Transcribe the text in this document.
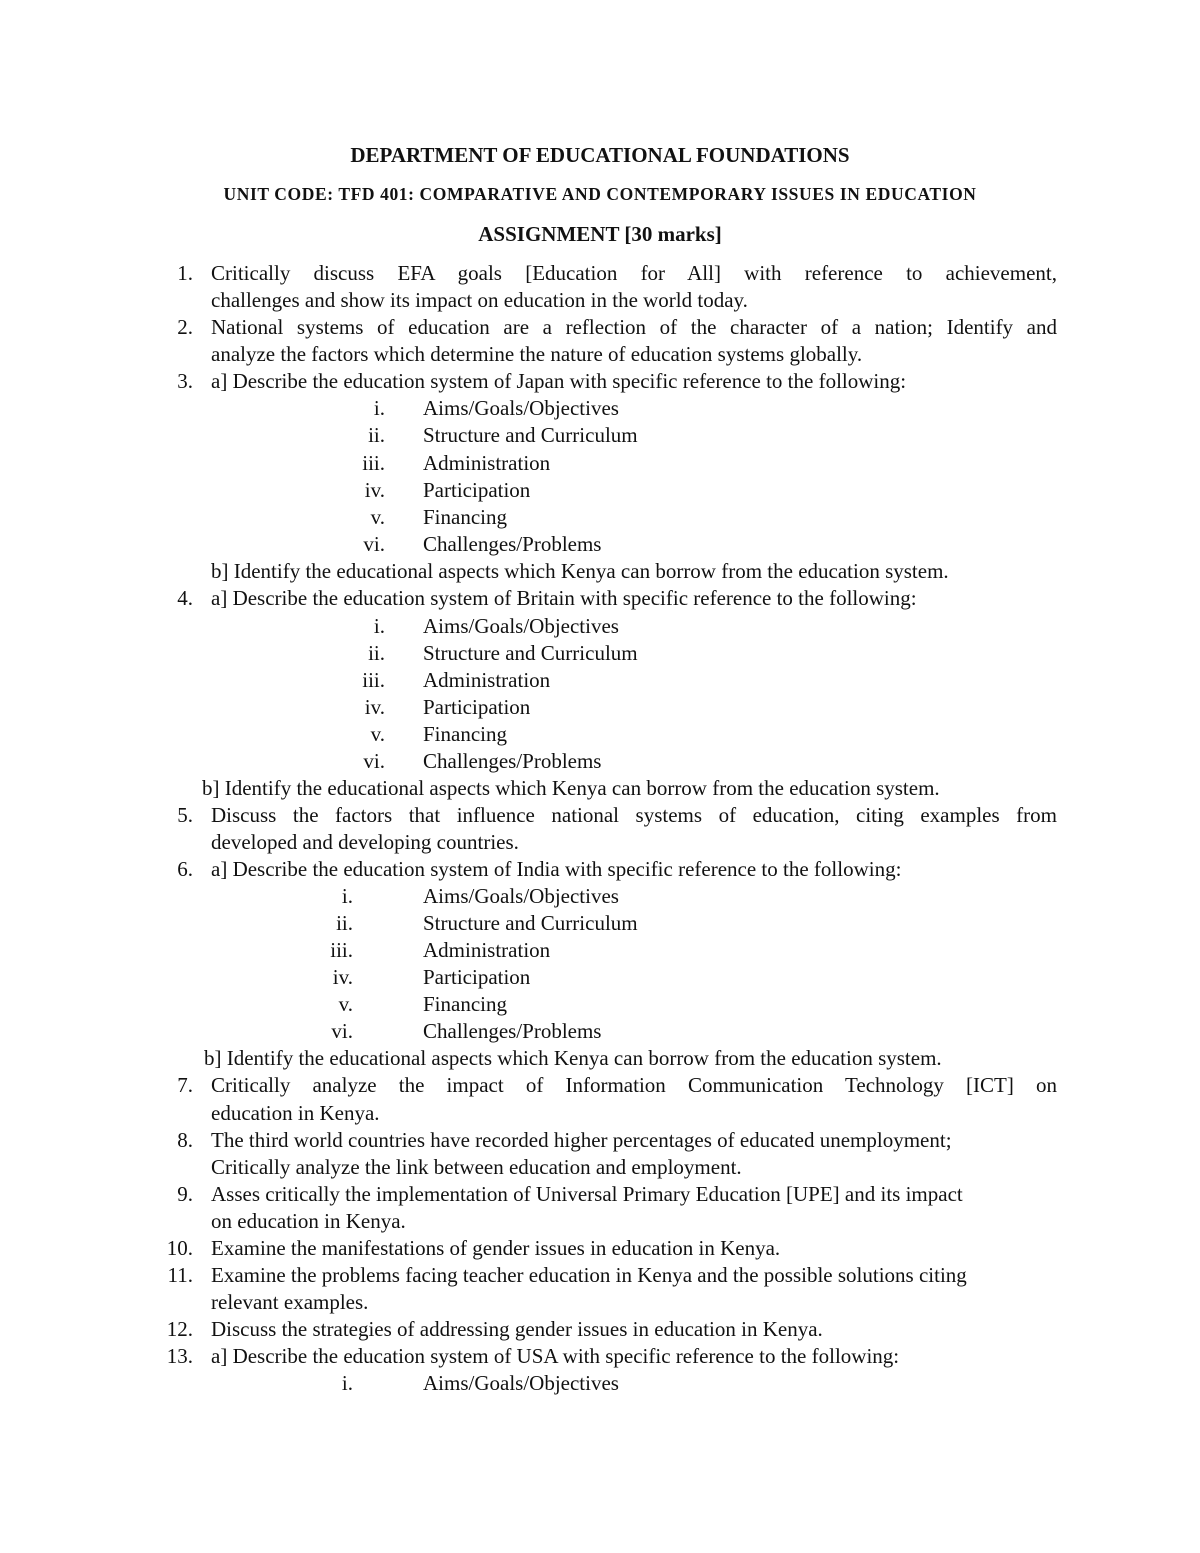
DEPARTMENT OF EDUCATIONAL FOUNDATIONS
UNIT CODE: TFD 401: COMPARATIVE AND CONTEMPORARY ISSUES IN EDUCATION
ASSIGNMENT [30 marks]
1. Critically discuss EFA goals [Education for All] with reference to achievement,
challenges and show its impact on education in the world today.
2. National systems of education are a reflection of the character of a nation; Identify and
analyze the factors which determine the nature of education systems globally.
3. a] Describe the education system of Japan with specific reference to the following:
i. Aims/Goals/Objectives
ii. Structure and Curriculum
iii. Administration
iv. Participation
v. Financing
vi. Challenges/Problems
b] Identify the educational aspects which Kenya can borrow from the education system.
4. a] Describe the education system of Britain with specific reference to the following:
i. Aims/Goals/Objectives
ii. Structure and Curriculum
iii. Administration
iv. Participation
v. Financing
vi. Challenges/Problems
b] Identify the educational aspects which Kenya can borrow from the education system.
5. Discuss the factors that influence national systems of education, citing examples from
developed and developing countries.
6. a] Describe the education system of India with specific reference to the following:
i.	Aims/Goals/Objectives
ii.	Structure and Curriculum
iii.	Administration
iv.	Participation
v.	Financing
vi.	Challenges/Problems
b] Identify the educational aspects which Kenya can borrow from the education system.
7. Critically analyze the impact of Information Communication Technology [ICT] on
education in Kenya.
8. The third world countries have recorded higher percentages of educated unemployment;
Critically analyze the link between education and employment.
9. Asses critically the implementation of Universal Primary Education [UPE] and its impact
on education in Kenya.
10. Examine the manifestations of gender issues in education in Kenya.
11. Examine the problems facing teacher education in Kenya and the possible solutions citing
relevant examples.
12. Discuss the strategies of addressing gender issues in education in Kenya.
13. a] Describe the education system of USA with specific reference to the following:
i.	Aims/Goals/Objectives
